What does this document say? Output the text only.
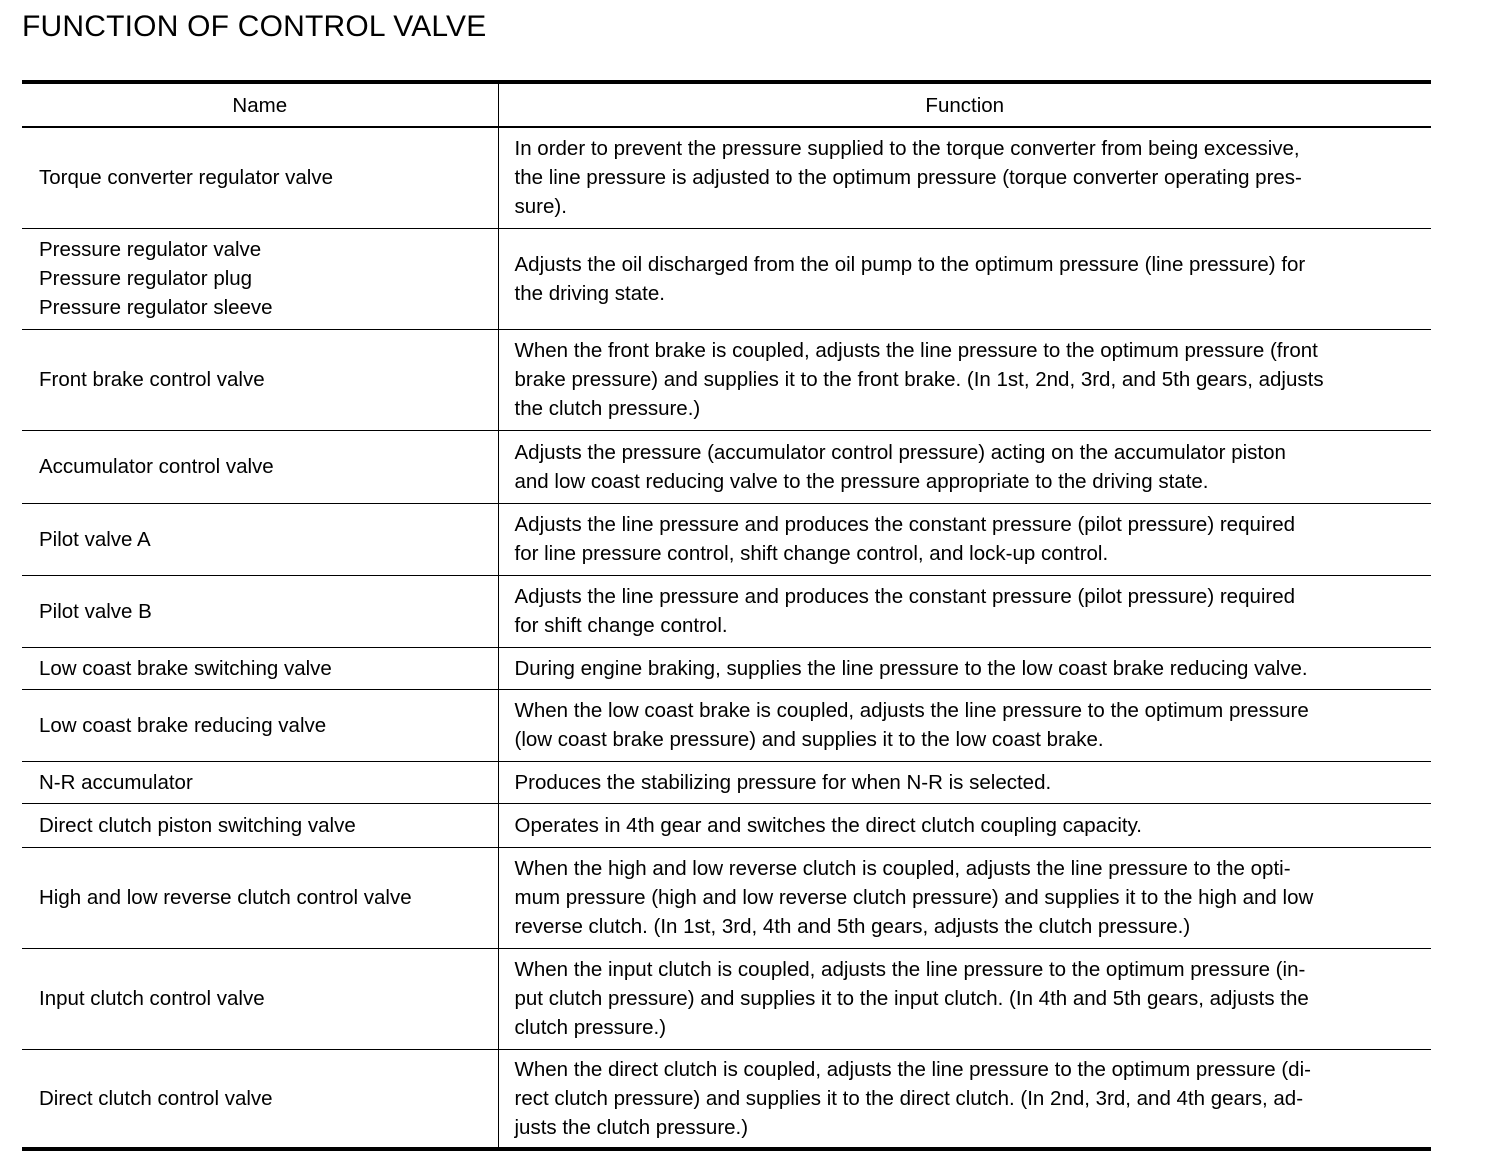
FUNCTION OF CONTROL VALVE
Name	Function
Torque converter regulator valve	In order to prevent the pressure supplied to the torque converter from being excessive,
the line pressure is adjusted to the optimum pressure (torque converter operating pres-
sure).
Pressure regulator valve
Pressure regulator plug
Pressure regulator sleeve	Adjusts the oil discharged from the oil pump to the optimum pressure (line pressure) for
the driving state.
Front brake control valve	When the front brake is coupled, adjusts the line pressure to the optimum pressure (front
brake pressure) and supplies it to the front brake. (In 1st, 2nd, 3rd, and 5th gears, adjusts
the clutch pressure.)
Accumulator control valve	Adjusts the pressure (accumulator control pressure) acting on the accumulator piston
and low coast reducing valve to the pressure appropriate to the driving state.
Pilot valve A	Adjusts the line pressure and produces the constant pressure (pilot pressure) required
for line pressure control, shift change control, and lock-up control.
Pilot valve B	Adjusts the line pressure and produces the constant pressure (pilot pressure) required
for shift change control.
Low coast brake switching valve	During engine braking, supplies the line pressure to the low coast brake reducing valve.
Low coast brake reducing valve	When the low coast brake is coupled, adjusts the line pressure to the optimum pressure
(low coast brake pressure) and supplies it to the low coast brake.
N-R accumulator	Produces the stabilizing pressure for when N-R is selected.
Direct clutch piston switching valve	Operates in 4th gear and switches the direct clutch coupling capacity.
High and low reverse clutch control valve	When the high and low reverse clutch is coupled, adjusts the line pressure to the opti-
mum pressure (high and low reverse clutch pressure) and supplies it to the high and low
reverse clutch. (In 1st, 3rd, 4th and 5th gears, adjusts the clutch pressure.)
Input clutch control valve	When the input clutch is coupled, adjusts the line pressure to the optimum pressure (in-
put clutch pressure) and supplies it to the input clutch. (In 4th and 5th gears, adjusts the
clutch pressure.)
Direct clutch control valve	When the direct clutch is coupled, adjusts the line pressure to the optimum pressure (di-
rect clutch pressure) and supplies it to the direct clutch. (In 2nd, 3rd, and 4th gears, ad-
justs the clutch pressure.)
